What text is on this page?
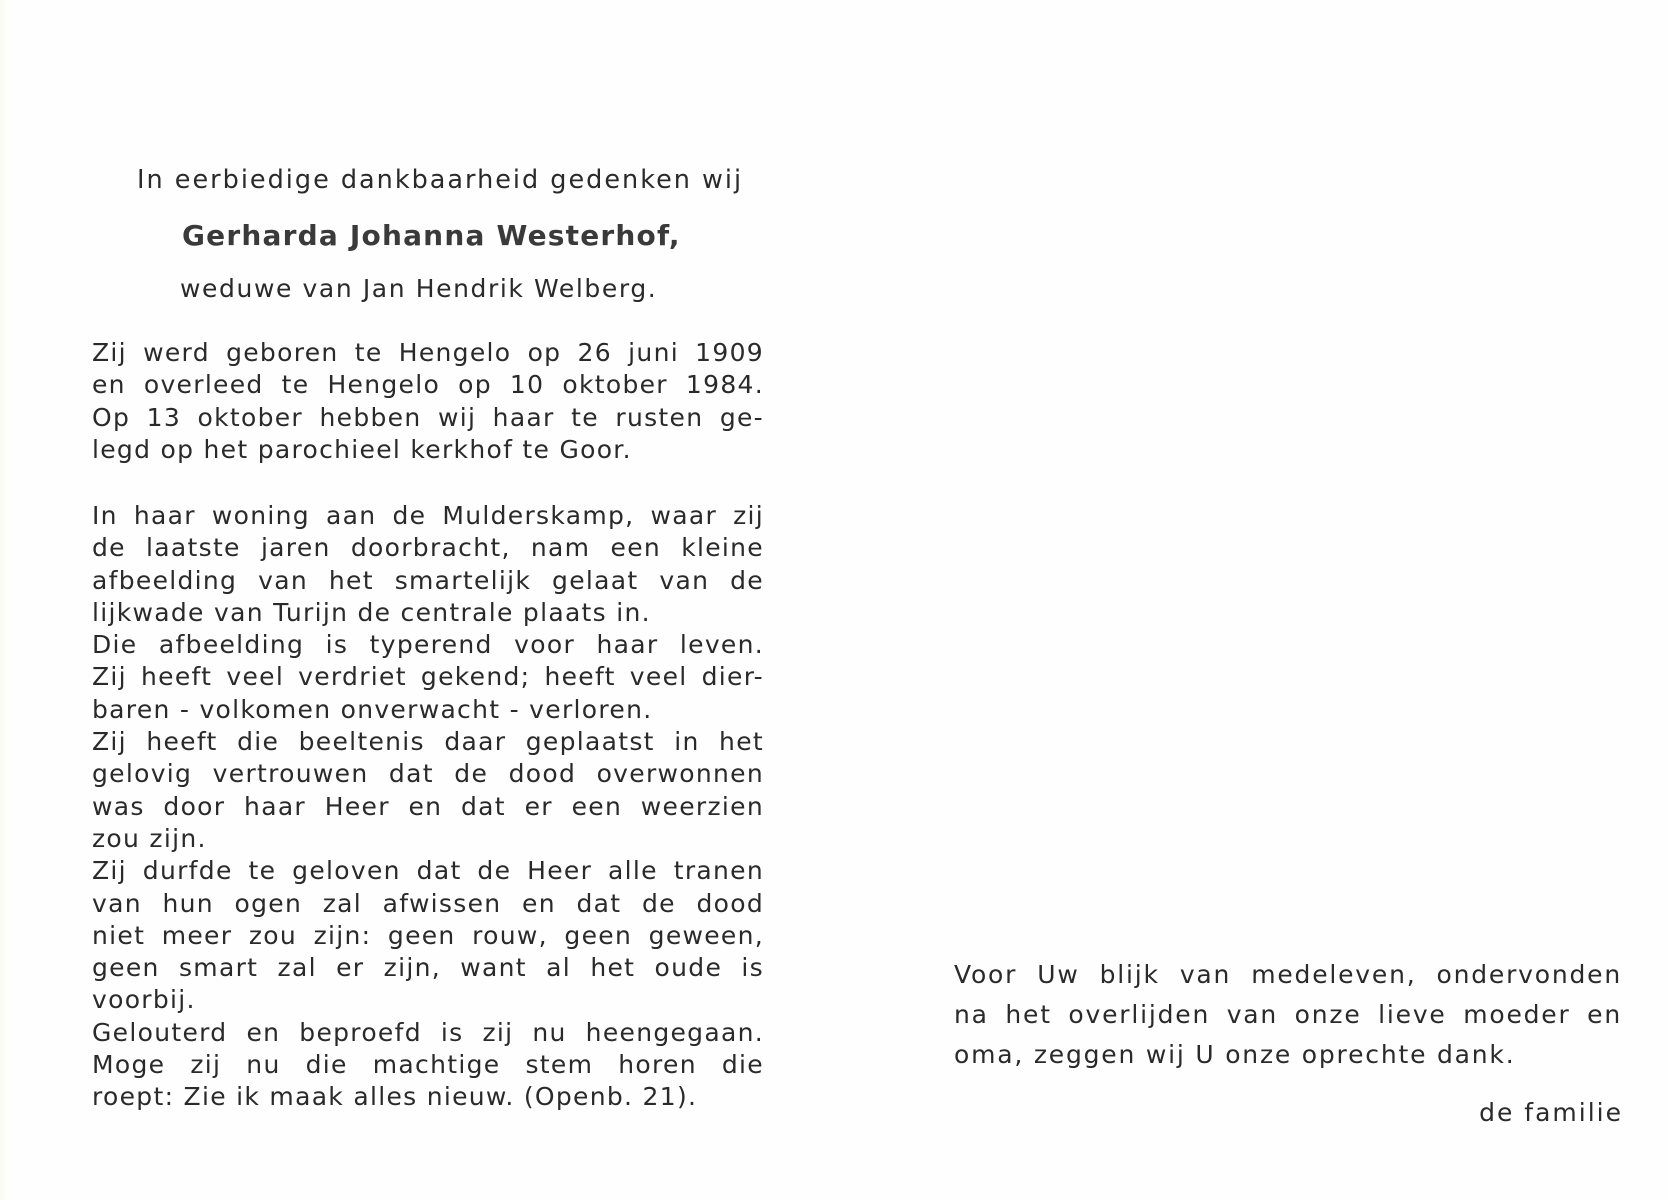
In eerbiedige dankbaarheid gedenken wij
Gerharda Johanna Westerhof,
weduwe van Jan Hendrik Welberg.
Zij werd geboren te Hengelo op 26 juni 1909
en overleed te Hengelo op 10 oktober 1984.
Op 13 oktober hebben wij haar te rusten ge-
legd op het parochieel kerkhof te Goor.
In haar woning aan de Mulderskamp, waar zij
de laatste jaren doorbracht, nam een kleine
afbeelding van het smartelijk gelaat van de
lijkwade van Turijn de centrale plaats in.
Die afbeelding is typerend voor haar leven.
Zij heeft veel verdriet gekend; heeft veel dier-
baren - volkomen onverwacht - verloren.
Zij heeft die beeltenis daar geplaatst in het
gelovig vertrouwen dat de dood overwonnen
was door haar Heer en dat er een weerzien
zou zijn.
Zij durfde te geloven dat de Heer alle tranen
van hun ogen zal afwissen en dat de dood
niet meer zou zijn: geen rouw, geen geween,
geen smart zal er zijn, want al het oude is
voorbij.
Gelouterd en beproefd is zij nu heengegaan.
Moge zij nu die machtige stem horen die
roept: Zie ik maak alles nieuw. (Openb. 21).
Voor Uw blijk van medeleven, ondervonden
na het overlijden van onze lieve moeder en
oma, zeggen wij U onze oprechte dank.
de familie
